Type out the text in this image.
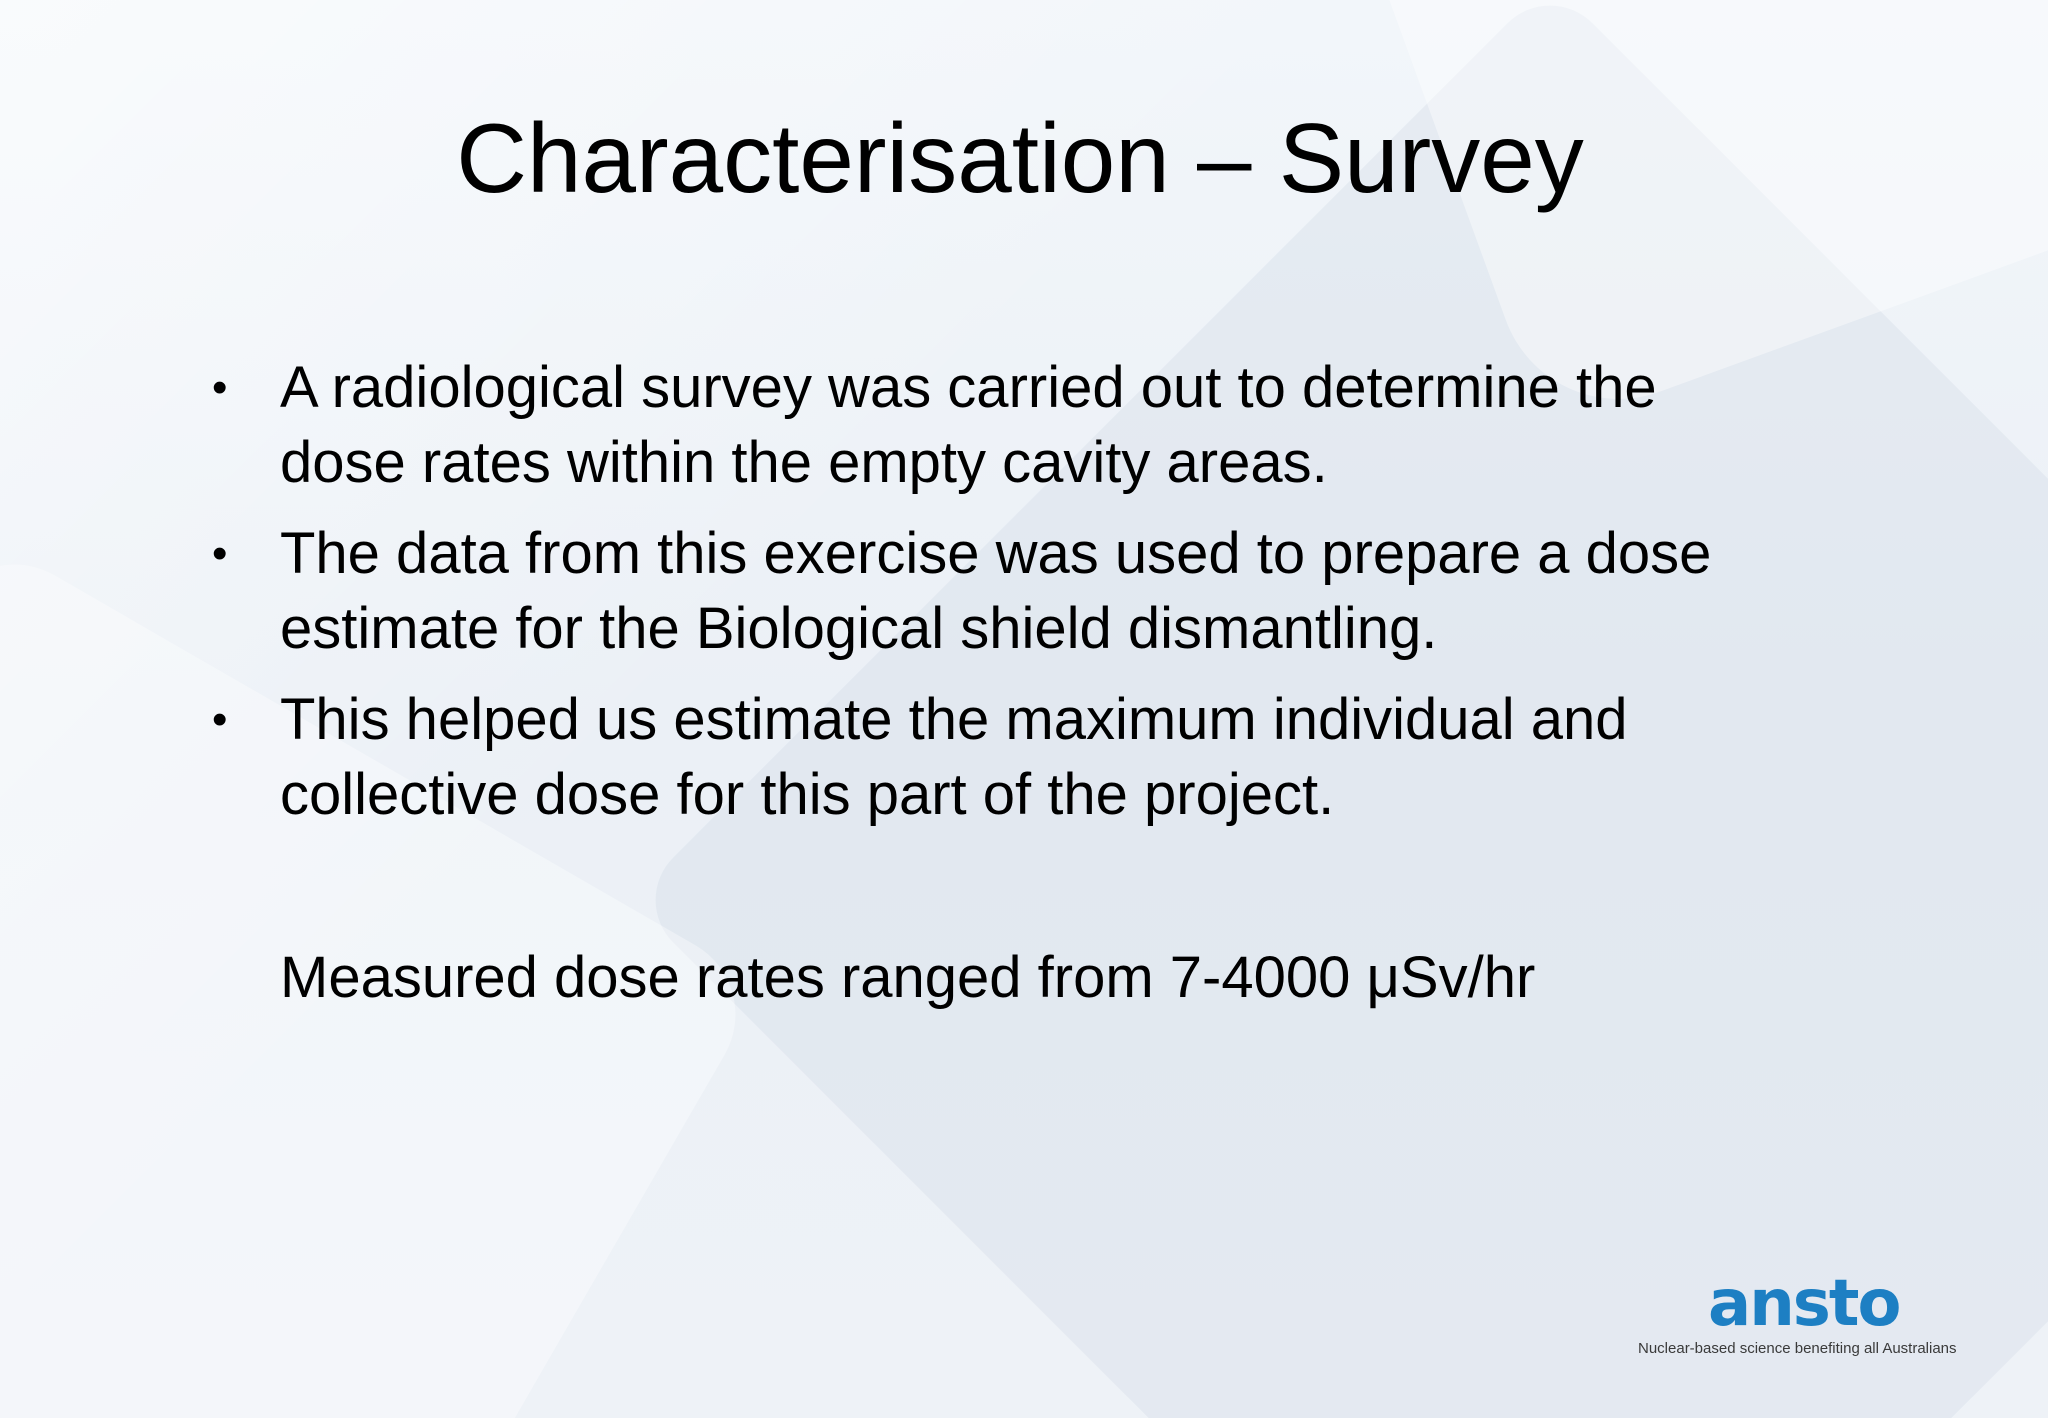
Characterisation – Survey
• A radiological survey was carried out to determine the dose rates within the empty cavity areas.
• The data from this exercise was used to prepare a dose estimate for the Biological shield dismantling.
• This helped us estimate the maximum individual and collective dose for this part of the project.

Measured dose rates ranged from 7-4000 μSv/hr

ansto
Nuclear-based science benefiting all Australians
